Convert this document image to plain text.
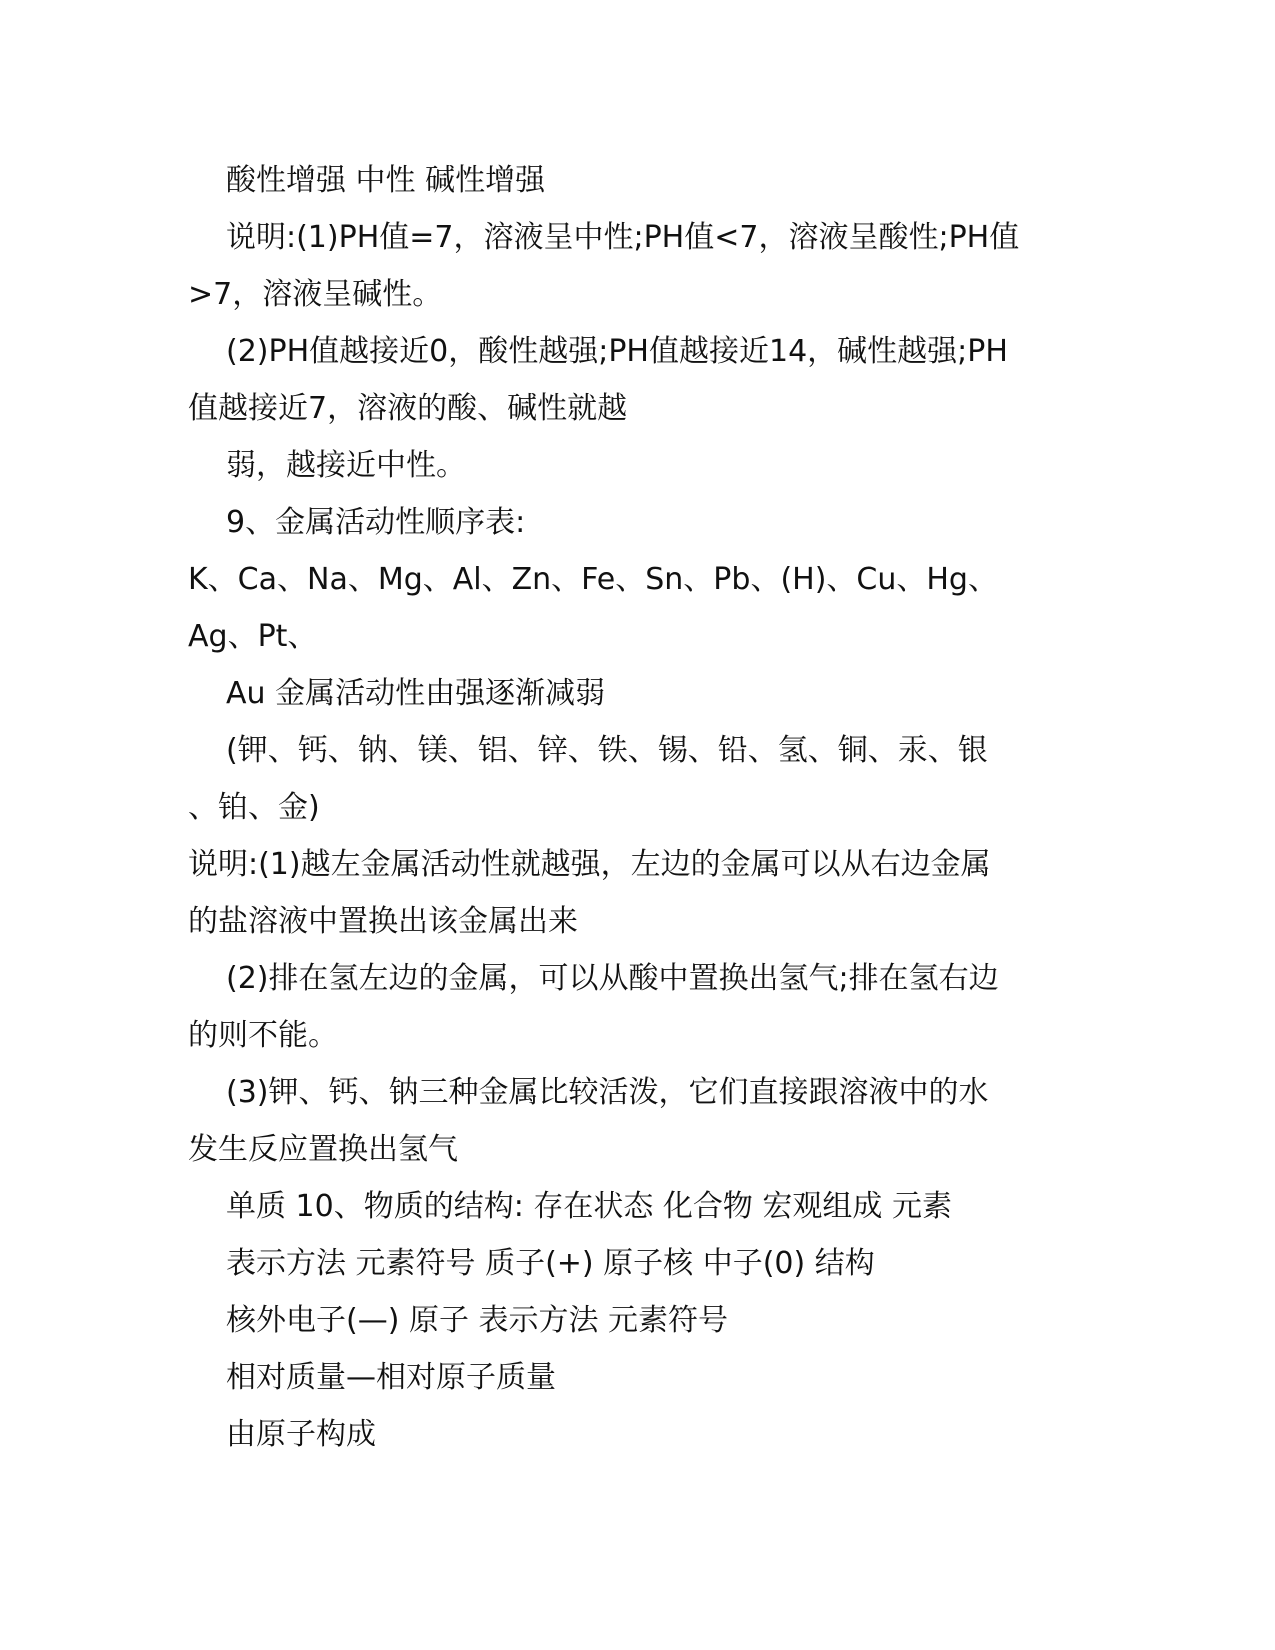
酸性增强 中性 碱性增强
说明:(1)PH值=7，溶液呈中性;PH值<7，溶液呈酸性;PH值
>7，溶液呈碱性。
(2)PH值越接近0，酸性越强;PH值越接近14，碱性越强;PH
值越接近7，溶液的酸、碱性就越
弱，越接近中性。
9、金属活动性顺序表:
K、Ca、Na、Mg、Al、Zn、Fe、Sn、Pb、(H)、Cu、Hg、
Ag、Pt、
Au 金属活动性由强逐渐减弱
(钾、钙、钠、镁、铝、锌、铁、锡、铅、氢、铜、汞、银
、铂、金)
说明:(1)越左金属活动性就越强，左边的金属可以从右边金属
的盐溶液中置换出该金属出来
(2)排在氢左边的金属，可以从酸中置换出氢气;排在氢右边
的则不能。
(3)钾、钙、钠三种金属比较活泼，它们直接跟溶液中的水
发生反应置换出氢气
单质 10、物质的结构: 存在状态 化合物 宏观组成 元素
表示方法 元素符号 质子(+) 原子核 中子(0) 结构
核外电子(—) 原子 表示方法 元素符号
相对质量—相对原子质量
由原子构成
